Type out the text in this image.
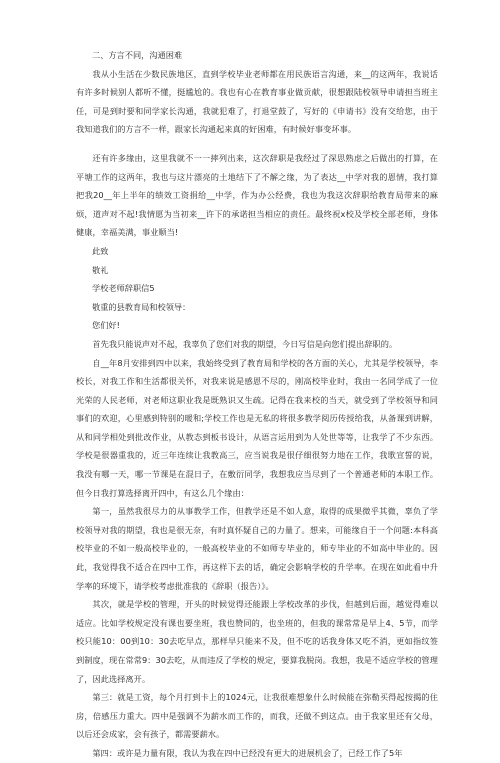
二、方言不同，沟通困难

我从小生活在少数民族地区，直到学校毕业老师都在用民族语言沟通，来__的这两年，我说话有许多时候别人都听不懂，挺尴尬的。我也有心在教育事业做贡献，很想跟陆校领导申请担当班主任，可是到时要和同学家长沟通，我就犯难了，打退堂鼓了，写好的《申请书》没有交给您，由于我知道我们的方言不一样，跟家长沟通起来真的好困难，有时候好事变坏事。

还有许多缘由，这里我就不一一摔列出来，这次辞职是我经过了深思熟虑之后做出的打算，在平塘工作的这两年，我也与这片漂亮的土地结下了不解之缘，为了表达__中学对我的恩情，我打算把我20__年上半年的绩效工资捐给__中学，作为办公经费，我也为我这次辞职给教育局带来的麻烦，道声对不起!我情愿为当初来__许下的承诺担当相应的责任。最终祝x校及学校全部老师，身体健康，幸福美满，事业顺当!

此致

敬礼

学校老师辞职信5

敬重的县教育局和校领导：

您们好!

首先我只能说声对不起，我辜负了您们对我的期望，今日写信是向您们提出辞职的。

自__年8月安排到四中以来，我始终受到了教育局和学校的各方面的关心，尤其是学校领导，李校长，对我工作和生活都很关怀，对我来说是感恩不尽的，刚高校毕业时，我由一名同学成了一位光荣的人民老师，对老师这职业我是既熟识又生疏。记得在我来校的当天，就受到了学校领导和同事们的欢迎，心里感到特别的暖和;学校工作也是无私的将很多教学阅历传授给我，从备课到讲解，从和同学相处到批改作业，从教态到板书设计，从语言运用到为人处世等等，让我学了不少东西。学校是很器重我的，近三年连续让我教高三，应当说我是很仔细很努力地在工作，我歌宣誓的说，我没有哪一天，哪一节课是在混日子，在敷衍同学，我想我应当尽到了一个普通老师的本职工作。 但今日我打算选择离开四中，有这么几个缘由：

第一，虽然我很尽力的从事教学工作，但教学还是不如人意，取得的成果微乎其微，辜负了学校领导对我的期望，我也是很无奈，有时真怀疑自己的力量了。想来，可能缘自于一个问题:本科高校毕业的不如一般高校毕业的，一般高校毕业的不如师专毕业的，师专毕业的不如高中毕业的。因此，我觉得我不适合在四中工作，再这样下去的话，确定会影响学校的升学率。在现在如此看中升学率的环境下，请学校考虑批准我的《辞职（报告）》。

其次，就是学校的管理，开头的时候觉得还能跟上学校改革的步伐，但越到后面，越觉得难以适应。比如学校规定没有课也要坐班，我也赞同的，也坐班的，但我的课常常是早上4、5节，而学校只能10：00到10：30去吃早点，那样早只能来不及，但不吃的话我身体又吃不消，更如指纹签到制度，现在常常9：30去吃，从而违反了学校的规定，要算我脱岗。我想，我是不适应学校的管理了，因此选择离开。

第三：就是工资，每个月打到卡上的1024元，让我很难想象什么时候能在弥勒买得起按揭的住房，倍感压力重大。四中是强调不为薪水而工作的，而我，还做不到这点。由于我家里还有父母，以后还会成家，会有孩子，都需要薪水。

第四：或许是力量有限，我认为我在四中已经没有更大的进展机会了，已经工作了5年
